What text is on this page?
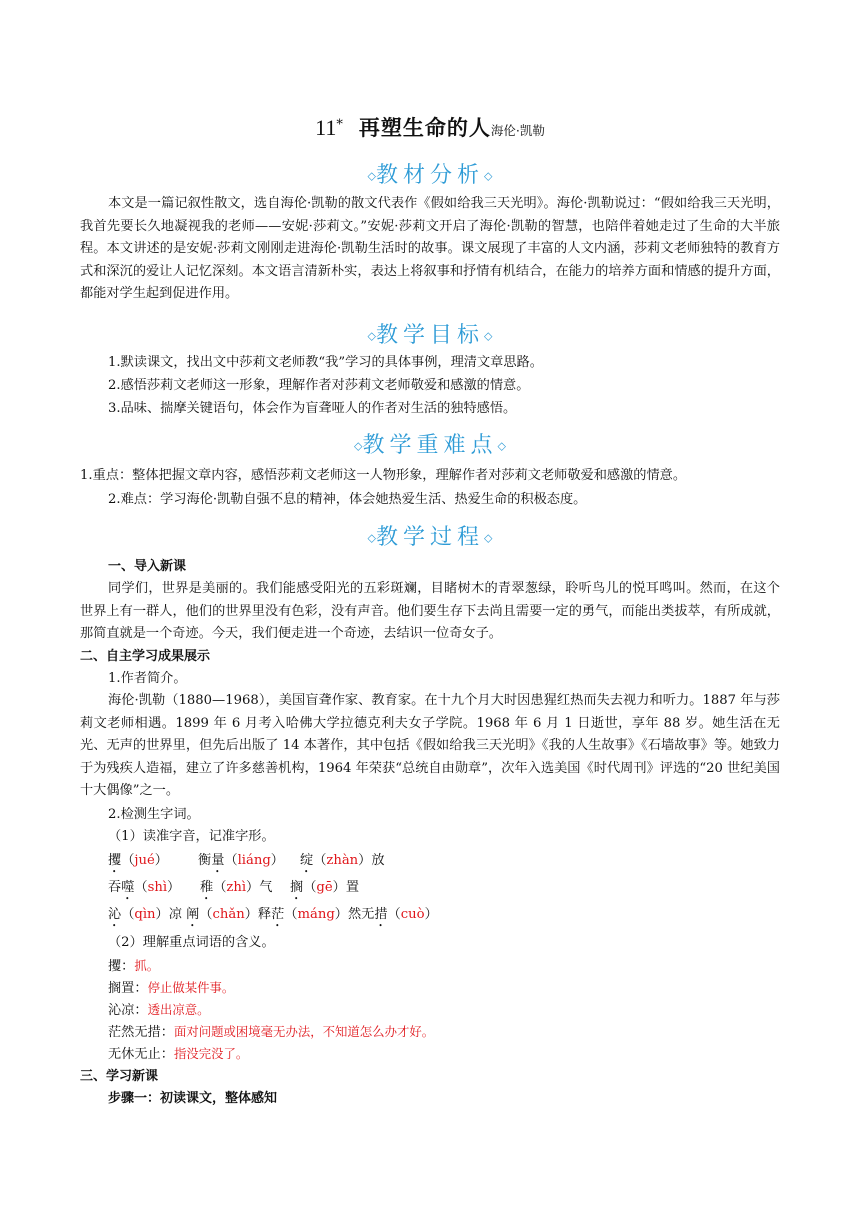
11* 再塑生命的人海伦·凯勒
◇教材分析◇

本文是一篇记叙性散文，选自海伦·凯勒的散文代表作《假如给我三天光明》。海伦·凯勒说过：“假如给我三天光明，我首先要长久地凝视我的老师——安妮·莎莉文。”安妮·莎莉文开启了海伦·凯勒的智慧，也陪伴着她走过了生命的大半旅程。本文讲述的是安妮·莎莉文刚刚走进海伦·凯勒生活时的故事。课文展现了丰富的人文内涵，莎莉文老师独特的教育方式和深沉的爱让人记忆深刻。本文语言清新朴实，表达上将叙事和抒情有机结合，在能力的培养方面和情感的提升方面，都能对学生起到促进作用。

◇教学目标◇

1.默读课文，找出文中莎莉文老师教“我”学习的具体事例，理清文章思路。

2.感悟莎莉文老师这一形象，理解作者对莎莉文老师敬爱和感激的情意。

3.品味、揣摩关键语句，体会作为盲聋哑人的作者对生活的独特感悟。

◇教学重难点◇

1.重点：整体把握文章内容，感悟莎莉文老师这一人物形象，理解作者对莎莉文老师敬爱和感激的情意。

2.难点：学习海伦·凯勒自强不息的精神，体会她热爱生活、热爱生命的积极态度。

◇教学过程◇

一、导入新课

同学们，世界是美丽的。我们能感受阳光的五彩斑斓，目睹树木的青翠葱绿，聆听鸟儿的悦耳鸣叫。然而，在这个世界上有一群人，他们的世界里没有色彩，没有声音。他们要生存下去尚且需要一定的勇气，而能出类拔萃，有所成就，那简直就是一个奇迹。今天，我们便走进一个奇迹，去结识一位奇女子。

二、自主学习成果展示

1.作者简介。

海伦·凯勒（1880—1968），美国盲聋作家、教育家。在十九个月大时因患猩红热而失去视力和听力。1887 年与莎莉文老师相遇。1899 年 6 月考入哈佛大学拉德克利夫女子学院。1968 年 6 月 1 日逝世，享年 88 岁。她生活在无光、无声的世界里，但先后出版了 14 本著作，其中包括《假如给我三天光明》《我的人生故事》《石墙故事》等。她致力于为残疾人造福，建立了许多慈善机构，1964 年荣获“总统自由勋章”，次年入选美国《时代周刊》评选的“20 世纪美国十大偶像”之一。

2.检测生字词。

（1）读准字音，记准字形。

攫（jué） 衡量（liáng） 绽（zhàn）放
吞噬（shì） 稚（zhì）气 搁（gē）置
沁（qìn）凉 阐（chǎn）释茫（máng）然无措（cuò）

（2）理解重点词语的含义。

攫：抓。

搁置：停止做某件事。

沁凉：透出凉意。

茫然无措：面对问题或困境毫无办法，不知道怎么办才好。

无休无止：指没完没了。

三、学习新课

步骤一：初读课文，整体感知
